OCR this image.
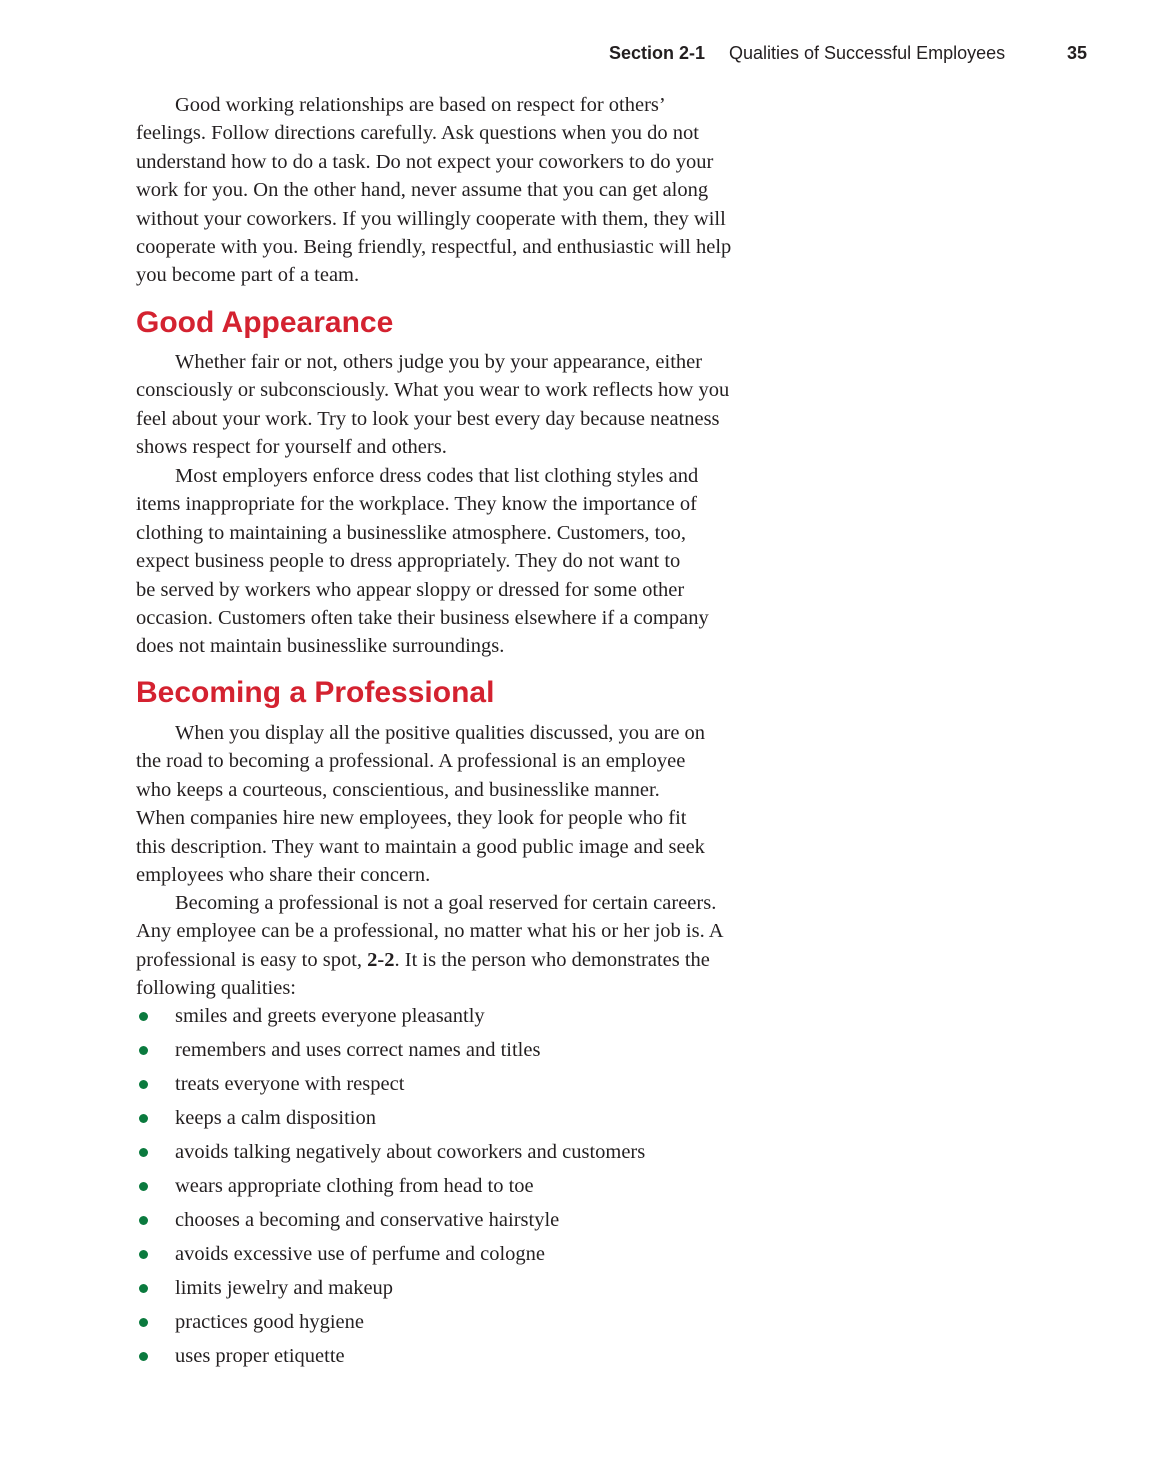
Section 2-1 Qualities of Successful Employees	35
Good Appearance
Becoming a Professional
Good working relationships are based on respect for others’
feelings. Follow directions carefully. Ask questions when you do not
understand how to do a task. Do not expect your coworkers to do your
work for you. On the other hand, never assume that you can get along
without your coworkers. If you willingly cooperate with them, they will
cooperate with you. Being friendly, respectful, and enthusiastic will help
you become part of a team.
Whether fair or not, others judge you by your appearance, either
consciously or subconsciously. What you wear to work reflects how you
feel about your work. Try to look your best every day because neatness
shows respect for yourself and others.
Most employers enforce dress codes that list clothing styles and
items inappropriate for the workplace. They know the importance of
clothing to maintaining a businesslike atmosphere. Customers, too,
expect business people to dress appropriately. They do not want to
be served by workers who appear sloppy or dressed for some other
occasion. Customers often take their business elsewhere if a company
does not maintain businesslike surroundings.
When you display all the positive qualities discussed, you are on
the road to becoming a professional. A professional is an employee
who keeps a courteous, conscientious, and businesslike manner.
When companies hire new employees, they look for people who fit
this description. They want to maintain a good public image and seek
employees who share their concern.
Becoming a professional is not a goal reserved for certain careers.
Any employee can be a professional, no matter what his or her job is. A
professional is easy to spot, 2-2. It is the person who demonstrates the
following qualities:
smiles and greets everyone pleasantly
remembers and uses correct names and titles
treats everyone with respect
keeps a calm disposition
avoids talking negatively about coworkers and customers
wears appropriate clothing from head to toe
chooses a becoming and conservative hairstyle
avoids excessive use of perfume and cologne
limits jewelry and makeup
practices good hygiene
uses proper etiquette
